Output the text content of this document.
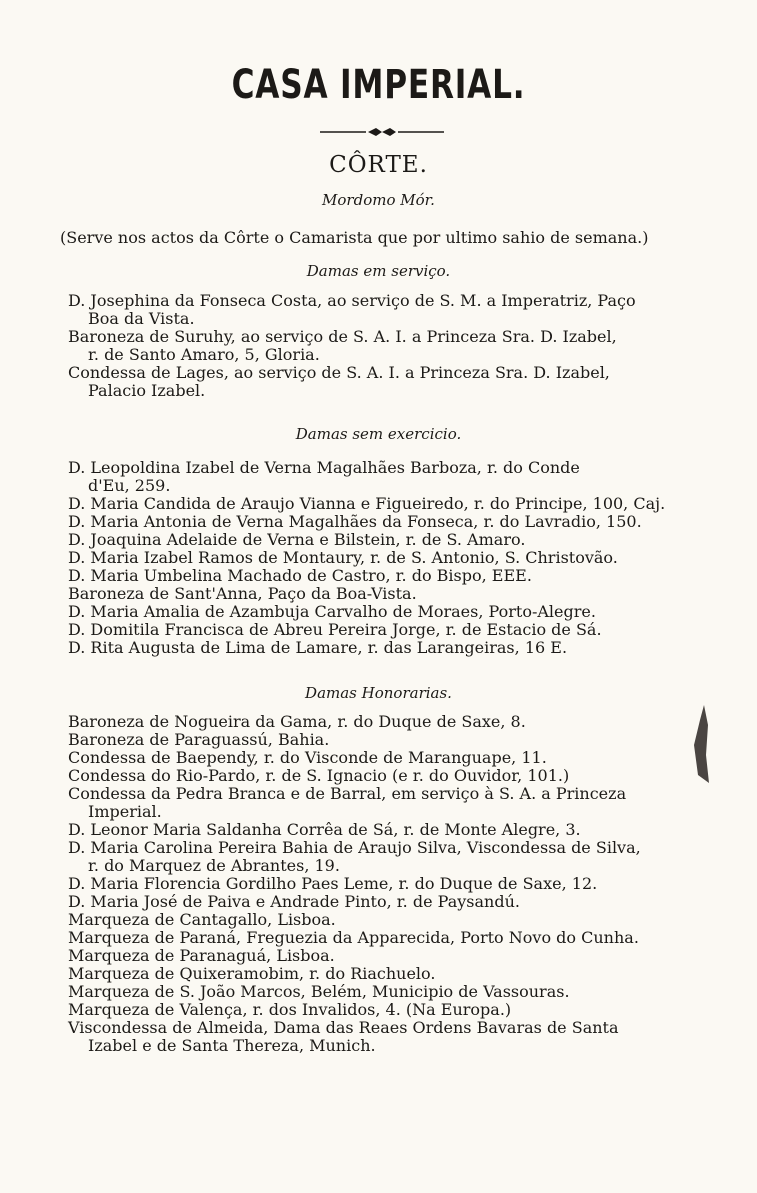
CASA IMPERIAL.
CÔRTE.
Mordomo Mór.
(Serve nos actos da Côrte o Camarista que por ultimo sahio de semana.)
Damas em serviço.
D. Josephina da Fonseca Costa, ao serviço de S. M. a Imperatriz, Paço
Boa da Vista.
Baroneza de Suruhy, ao serviço de S. A. I. a Princeza Sra. D. Izabel,
r. de Santo Amaro, 5, Gloria.
Condessa de Lages, ao serviço de S. A. I. a Princeza Sra. D. Izabel,
Palacio Izabel.
Damas sem exercicio.
D. Leopoldina Izabel de Verna Magalhães Barboza, r. do Conde
d'Eu, 259.
D. Maria Candida de Araujo Vianna e Figueiredo, r. do Principe, 100, Caj.
D. Maria Antonia de Verna Magalhães da Fonseca, r. do Lavradio, 150.
D. Joaquina Adelaide de Verna e Bilstein, r. de S. Amaro.
D. Maria Izabel Ramos de Montaury, r. de S. Antonio, S. Christovão.
D. Maria Umbelina Machado de Castro, r. do Bispo, EEE.
Baroneza de Sant'Anna, Paço da Boa-Vista.
D. Maria Amalia de Azambuja Carvalho de Moraes, Porto-Alegre.
D. Domitila Francisca de Abreu Pereira Jorge, r. de Estacio de Sá.
D. Rita Augusta de Lima de Lamare, r. das Larangeiras, 16 E.
Damas Honorarias.
Baroneza de Nogueira da Gama, r. do Duque de Saxe, 8.
Baroneza de Paraguassú, Bahia.
Condessa de Baependy, r. do Visconde de Maranguape, 11.
Condessa do Rio-Pardo, r. de S. Ignacio (e r. do Ouvidor, 101.)
Condessa da Pedra Branca e de Barral, em serviço à S. A. a Princeza
Imperial.
D. Leonor Maria Saldanha Corrêa de Sá, r. de Monte Alegre, 3.
D. Maria Carolina Pereira Bahia de Araujo Silva, Viscondessa de Silva,
r. do Marquez de Abrantes, 19.
D. Maria Florencia Gordilho Paes Leme, r. do Duque de Saxe, 12.
D. Maria José de Paiva e Andrade Pinto, r. de Paysandú.
Marqueza de Cantagallo, Lisboa.
Marqueza de Paraná, Freguezia da Apparecida, Porto Novo do Cunha.
Marqueza de Paranaguá, Lisboa.
Marqueza de Quixeramobim, r. do Riachuelo.
Marqueza de S. João Marcos, Belém, Municipio de Vassouras.
Marqueza de Valença, r. dos Invalidos, 4. (Na Europa.)
Viscondessa de Almeida, Dama das Reaes Ordens Bavaras de Santa
Izabel e de Santa Thereza, Munich.
